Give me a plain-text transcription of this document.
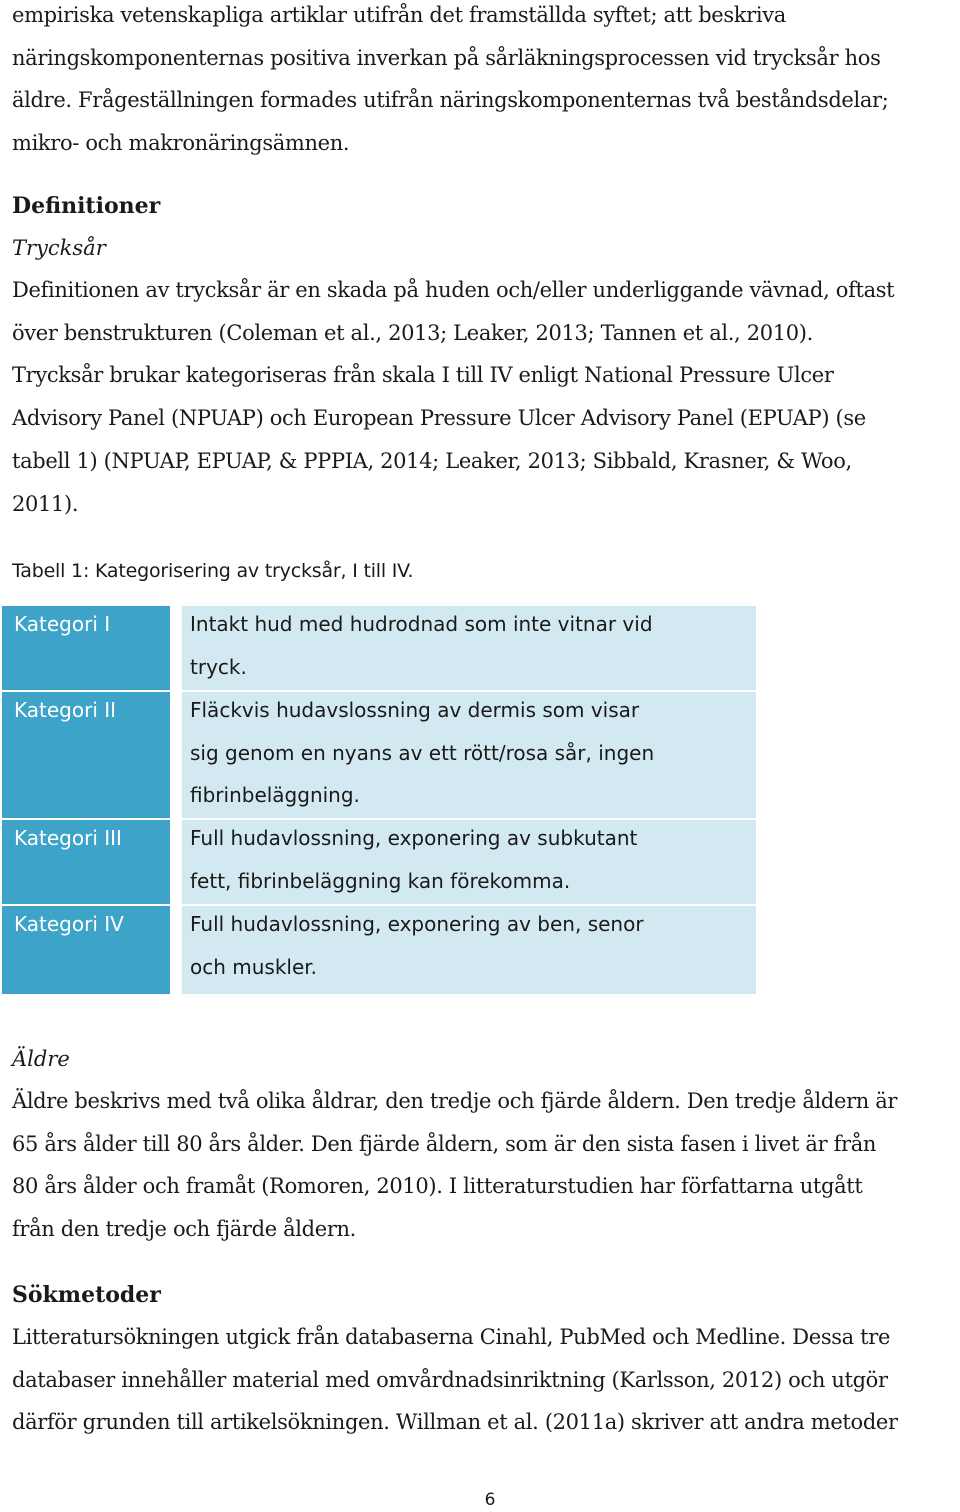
empiriska vetenskapliga artiklar utifrån det framställda syftet; att beskriva
näringskomponenternas positiva inverkan på sårläkningsprocessen vid trycksår hos
äldre. Frågeställningen formades utifrån näringskomponenternas två beståndsdelar;
mikro- och makronäringsämnen.
Definitioner
Trycksår
Definitionen av trycksår är en skada på huden och/eller underliggande vävnad, oftast
över benstrukturen (Coleman et al., 2013; Leaker, 2013; Tannen et al., 2010).
Trycksår brukar kategoriseras från skala I till IV enligt National Pressure Ulcer
Advisory Panel (NPUAP) och European Pressure Ulcer Advisory Panel (EPUAP) (se
tabell 1) (NPUAP, EPUAP, & PPPIA, 2014; Leaker, 2013; Sibbald, Krasner, & Woo,
2011).
Tabell 1: Kategorisering av trycksår, I till IV.
Kategori I	Intakt hud med hudrodnad som inte vitnar vid
tryck.
Kategori II	Fläckvis hudavslossning av dermis som visar
sig genom en nyans av ett rött/rosa sår, ingen
fibrinbeläggning.
Kategori III	Full hudavlossning, exponering av subkutant
fett, fibrinbeläggning kan förekomma.
Kategori IV	Full hudavlossning, exponering av ben, senor
och muskler.
Äldre
Äldre beskrivs med två olika åldrar, den tredje och fjärde åldern. Den tredje åldern är
65 års ålder till 80 års ålder. Den fjärde åldern, som är den sista fasen i livet är från
80 års ålder och framåt (Romoren, 2010). I litteraturstudien har författarna utgått
från den tredje och fjärde åldern.
Sökmetoder
Litteratursökningen utgick från databaserna Cinahl, PubMed och Medline. Dessa tre
databaser innehåller material med omvårdnadsinriktning (Karlsson, 2012) och utgör
därför grunden till artikelsökningen. Willman et al. (2011a) skriver att andra metoder
6
